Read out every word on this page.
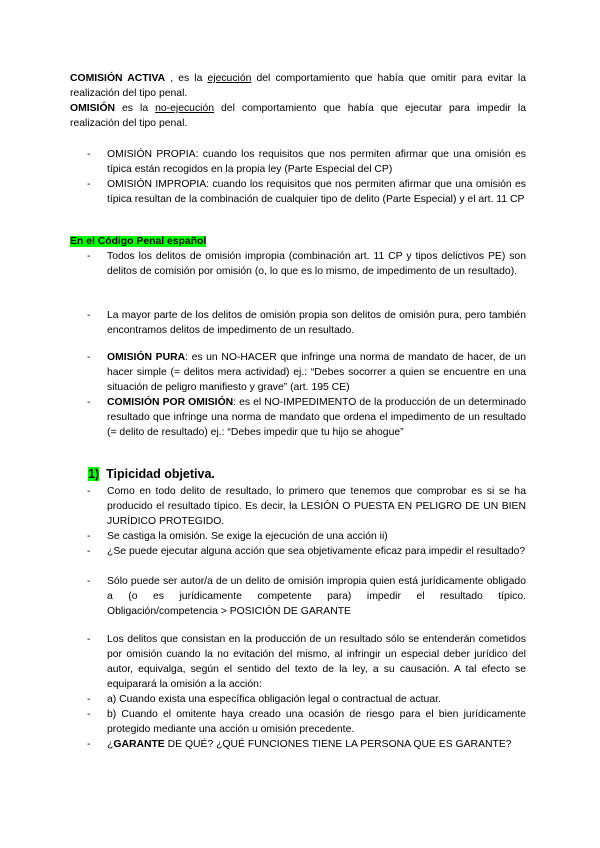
COMISIÓN ACTIVA , es la ejecución del comportamiento que había que omitir para evitar la realización del tipo penal.
OMISIÓN es la no-ejecución del comportamiento que había que ejecutar para impedir la realización del tipo penal.
-	OMISIÓN PROPIA: cuando los requisitos que nos permiten afirmar que una omisión es típica están recogidos en la propia ley (Parte Especial del CP)
-	OMISIÓN IMPROPIA: cuando los requisitos que nos permiten afirmar que una omisión es típica resultan de la combinación de cualquier tipo de delito (Parte Especial) y el art. 11 CP
En el Código Penal español
-	Todos los delitos de omisión impropia (combinación art. 11 CP y tipos delictivos PE) son delitos de comisión por omisión (o, lo que es lo mismo, de impedimento de un resultado).
-	La mayor parte de los delitos de omisión propia son delitos de omisión pura, pero también encontramos delitos de impedimento de un resultado.
-	OMISIÓN PURA: es un NO-HACER que infringe una norma de mandato de hacer, de un hacer simple (= delitos mera actividad) ej.: “Debes socorrer a quien se encuentre en una situación de peligro manifiesto y grave” (art. 195 CE)
-	COMISIÓN POR OMISIÓN: es el NO-IMPEDIMENTO de la producción de un determinado resultado que infringe una norma de mandato que ordena el impedimento de un resultado (= delito de resultado) ej.: “Debes impedir que tu hijo se ahogue”
1) Tipicidad objetiva.
-	Como en todo delito de resultado, lo primero que tenemos que comprobar es si se ha producido el resultado típico. Es decir, la LESIÓN O PUESTA EN PELIGRO DE UN BIEN JURÍDICO PROTEGIDO.
-	Se castiga la omisión. Se exige la ejecución de una acción ii)
-	¿Se puede ejecutar alguna acción que sea objetivamente eficaz para impedir el resultado?
-	Sólo puede ser autor/a de un delito de omisión impropia quien está jurídicamente obligado a (o es jurídicamente competente para) impedir el resultado típico. Obligación/competencia > POSICIÓN DE GARANTE
-	Los delitos que consistan en la producción de un resultado sólo se entenderán cometidos por omisión cuando la no evitación del mismo, al infringir un especial deber jurídico del autor, equivalga, según el sentido del texto de la ley, a su causación. A tal efecto se equiparará la omisión a la acción:
-	a) Cuando exista una específica obligación legal o contractual de actuar.
-	b) Cuando el omitente haya creado una ocasión de riesgo para el bien jurídicamente protegido mediante una acción u omisión precedente.
-	¿GARANTE DE QUÉ? ¿QUÉ FUNCIONES TIENE LA PERSONA QUE ES GARANTE?
